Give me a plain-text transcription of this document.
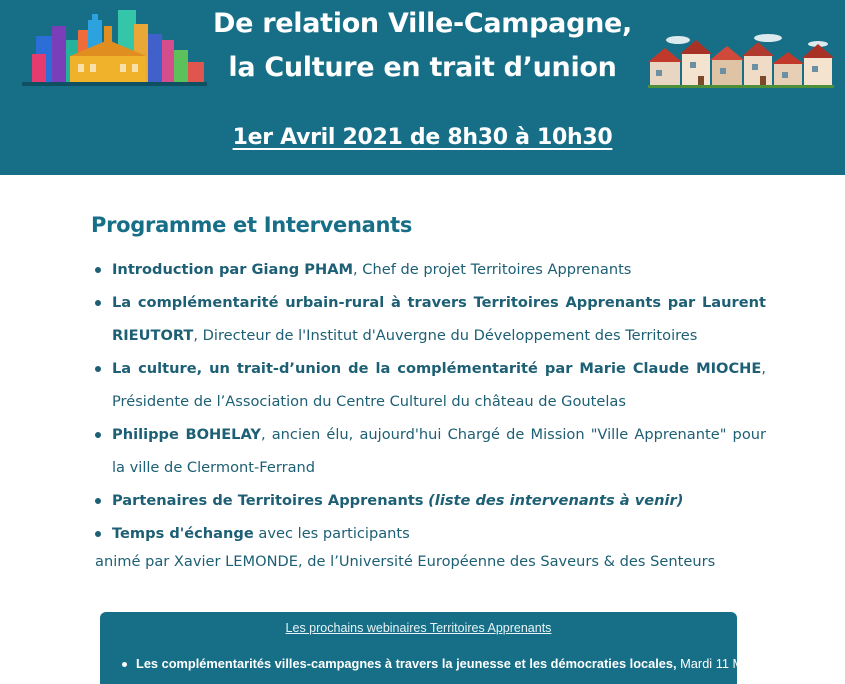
De relation Ville-Campagne,
la Culture en trait d’union
1er Avril 2021 de 8h30 à 10h30
Programme et Intervenants
Introduction par Giang PHAM, Chef de projet Territoires Apprenants
La complémentarité urbain-rural à travers Territoires Apprenants par Laurent RIEUTORT, Directeur de l'Institut d'Auvergne du Développement des Territoires
La culture, un trait-d’union de la complémentarité par Marie Claude MIOCHE, Présidente de l’Association du Centre Culturel du château de Goutelas
Philippe BOHELAY, ancien élu, aujourd'hui Chargé de Mission "Ville Apprenante" pour la ville de Clermont-Ferrand
Partenaires de Territoires Apprenants (liste des intervenants à venir)
Temps d'échange avec les participants
animé par Xavier LEMONDE, de l’Université Européenne des Saveurs & des Senteurs
Les prochains webinaires Territoires Apprenants
Les complémentarités villes-campagnes à travers la jeunesse et les démocraties locales, Mardi 11 Mai 2021
